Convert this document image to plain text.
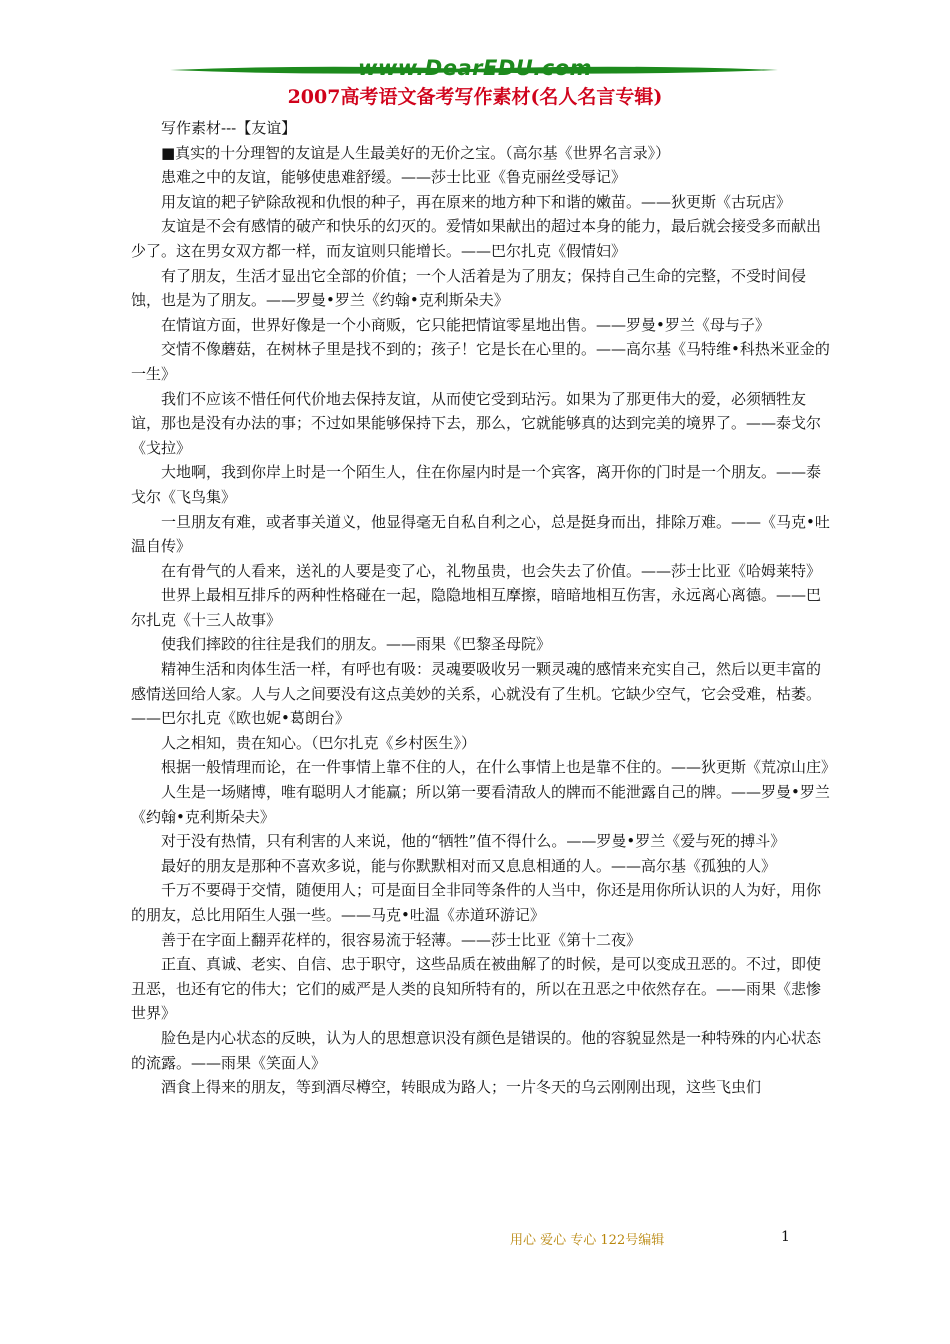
www.DearEDU.com
2007高考语文备考写作素材(名人名言专辑)

写作素材---【友谊】

■真实的十分理智的友谊是人生最美好的无价之宝。（高尔基《世界名言录》）

患难之中的友谊，能够使患难舒缓。——莎士比亚《鲁克丽丝受辱记》

用友谊的耙子铲除敌视和仇恨的种子，再在原来的地方种下和谐的嫩苗。——狄更斯《古玩店》

友谊是不会有感情的破产和快乐的幻灭的。爱情如果献出的超过本身的能力，最后就会接受多而献出少了。这在男女双方都一样，而友谊则只能增长。——巴尔扎克《假情妇》

有了朋友，生活才显出它全部的价值；一个人活着是为了朋友；保持自己生命的完整，不受时间侵蚀，也是为了朋友。——罗曼•罗兰《约翰•克利斯朵夫》

在情谊方面，世界好像是一个小商贩，它只能把情谊零星地出售。——罗曼•罗兰《母与子》

交情不像蘑菇，在树林子里是找不到的；孩子！它是长在心里的。——高尔基《马特维•科热米亚金的一生》

我们不应该不惜任何代价地去保持友谊，从而使它受到玷污。如果为了那更伟大的爱，必须牺牲友谊，那也是没有办法的事；不过如果能够保持下去，那么，它就能够真的达到完美的境界了。——泰戈尔《戈拉》

大地啊，我到你岸上时是一个陌生人，住在你屋内时是一个宾客，离开你的门时是一个朋友。——泰戈尔《飞鸟集》

一旦朋友有难，或者事关道义，他显得毫无自私自利之心，总是挺身而出，排除万难。——《马克•吐温自传》

在有骨气的人看来，送礼的人要是变了心，礼物虽贵，也会失去了价值。——莎士比亚《哈姆莱特》

世界上最相互排斥的两种性格碰在一起，隐隐地相互摩擦，暗暗地相互伤害，永远离心离德。——巴尔扎克《十三人故事》

使我们摔跤的往往是我们的朋友。——雨果《巴黎圣母院》

精神生活和肉体生活一样，有呼也有吸：灵魂要吸收另一颗灵魂的感情来充实自己，然后以更丰富的感情送回给人家。人与人之间要没有这点美妙的关系，心就没有了生机。它缺少空气，它会受难，枯萎。——巴尔扎克《欧也妮•葛朗台》

人之相知，贵在知心。（巴尔扎克《乡村医生》）

根据一般情理而论，在一件事情上靠不住的人，在什么事情上也是靠不住的。——狄更斯《荒凉山庄》

人生是一场赌博，唯有聪明人才能赢；所以第一要看清敌人的牌而不能泄露自己的牌。——罗曼•罗兰《约翰•克利斯朵夫》

对于没有热情，只有利害的人来说，他的“牺牲”值不得什么。——罗曼•罗兰《爱与死的搏斗》

最好的朋友是那种不喜欢多说，能与你默默相对而又息息相通的人。——高尔基《孤独的人》

千万不要碍于交情，随便用人；可是面目全非同等条件的人当中，你还是用你所认识的人为好，用你的朋友，总比用陌生人强一些。——马克•吐温《赤道环游记》

善于在字面上翻弄花样的，很容易流于轻薄。——莎士比亚《第十二夜》

正直、真诚、老实、自信、忠于职守，这些品质在被曲解了的时候，是可以变成丑恶的。不过，即使丑恶，也还有它的伟大；它们的威严是人类的良知所特有的，所以在丑恶之中依然存在。——雨果《悲惨世界》

脸色是内心状态的反映，认为人的思想意识没有颜色是错误的。他的容貌显然是一种特殊的内心状态的流露。——雨果《笑面人》

酒食上得来的朋友，等到酒尽樽空，转眼成为路人；一片冬天的乌云刚刚出现，这些飞虫们

用心 爱心 专心 122号编辑	1
